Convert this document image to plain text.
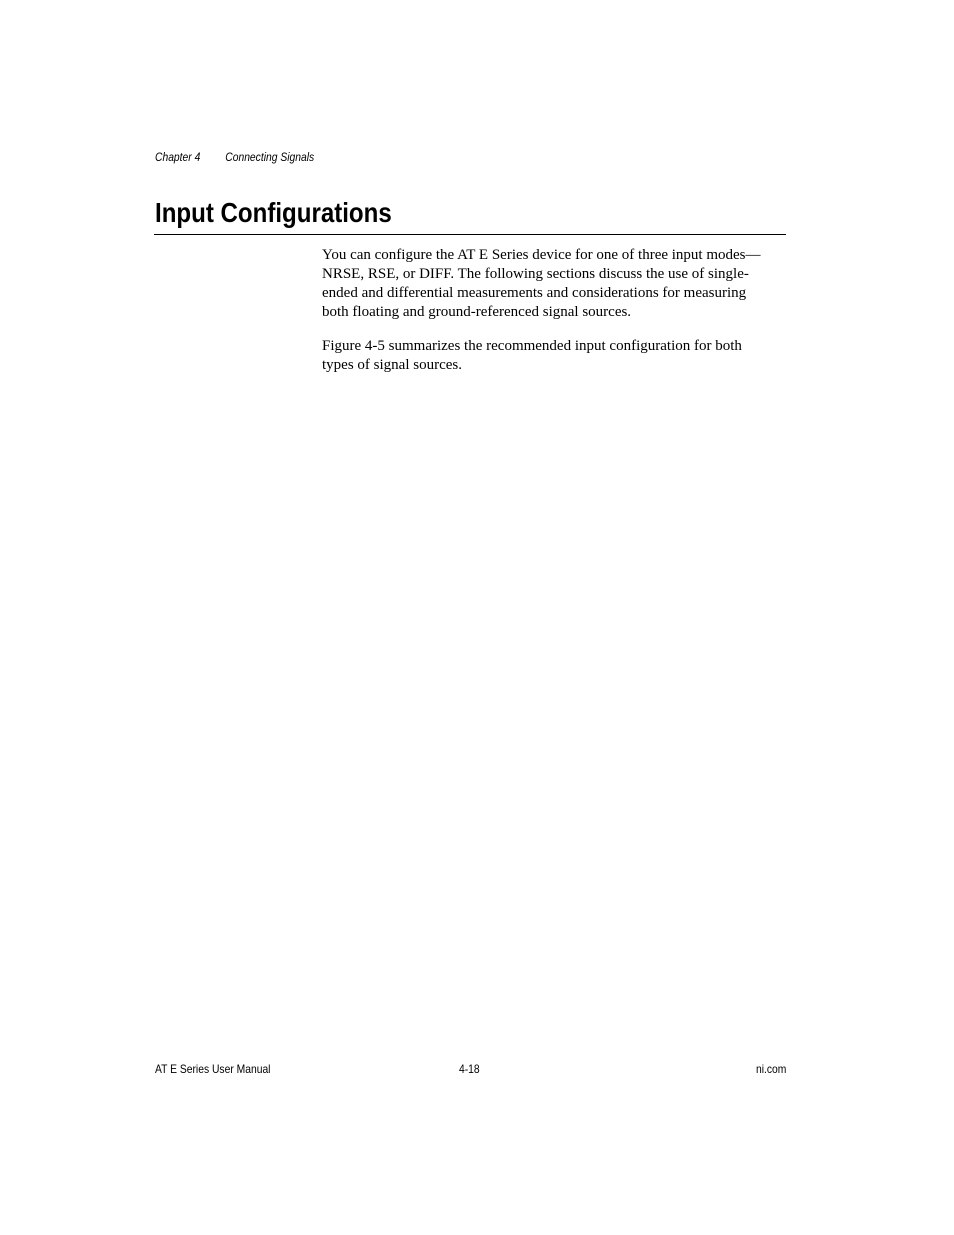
Chapter 4 Connecting Signals
Input Configurations

You can configure the AT E Series device for one of three input modes—NRSE, RSE, or DIFF. The following sections discuss the use of single-ended and differential measurements and considerations for measuring both floating and ground-referenced signal sources.

Figure 4-5 summarizes the recommended input configuration for both types of signal sources.

AT E Series User Manual	4-18	ni.com
